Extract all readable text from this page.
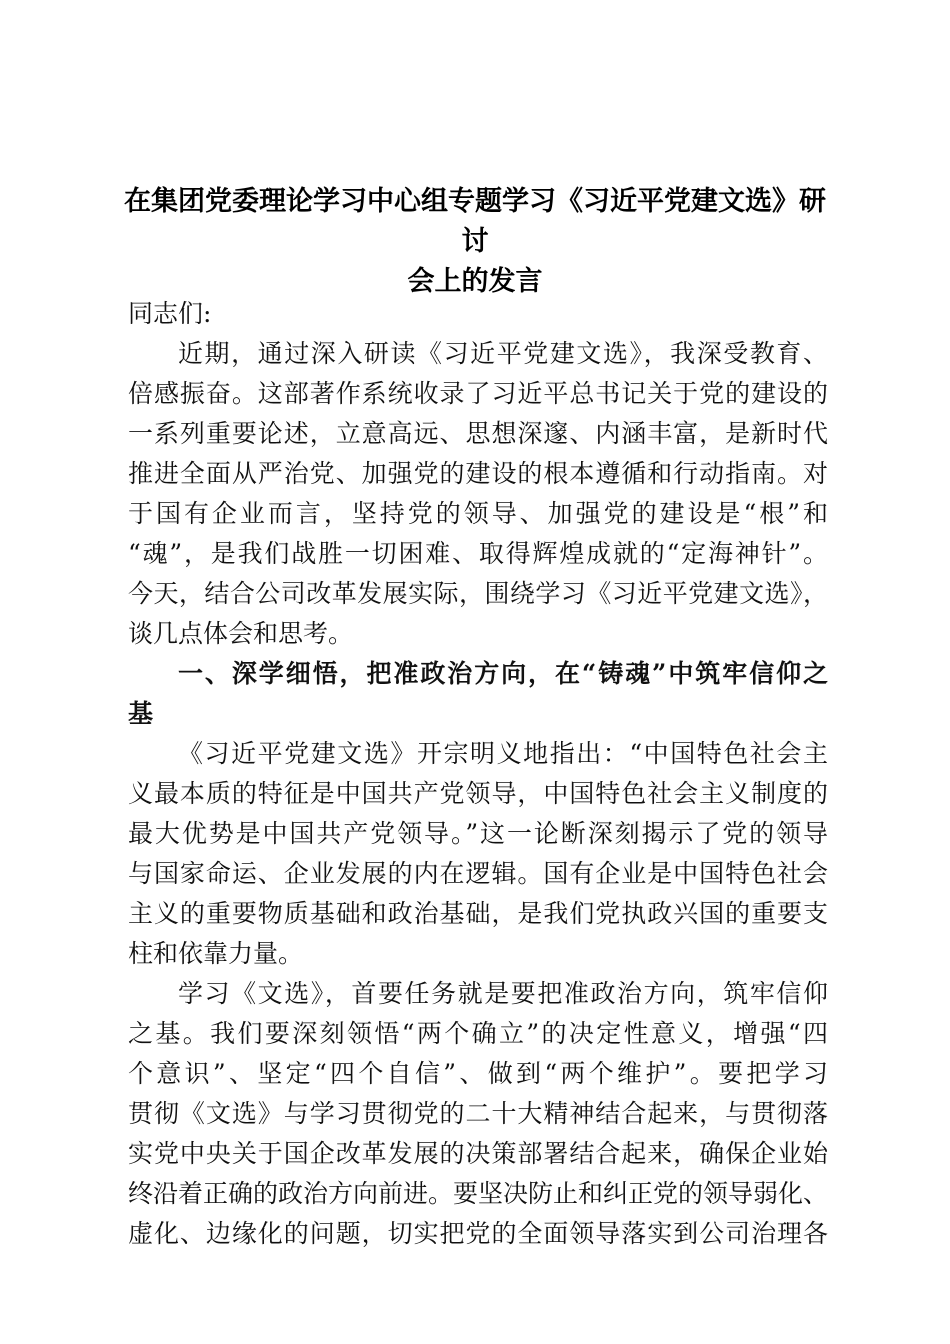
在集团党委理论学习中心组专题学习《习近平党建文选》研讨
会上的发言

同志们:

近期，通过深入研读《习近平党建文选》，我深受教育、

倍感振奋。这部著作系统收录了习近平总书记关于党的建设的

一系列重要论述，立意高远、思想深邃、内涵丰富，是新时代

推进全面从严治党、加强党的建设的根本遵循和行动指南。对

于国有企业而言，坚持党的领导、加强党的建设是“根”和

“魂”，是我们战胜一切困难、取得辉煌成就的“定海神针”。

今天，结合公司改革发展实际，围绕学习《习近平党建文选》，

谈几点体会和思考。

一、深学细悟，把准政治方向，在“铸魂”中筑牢信仰之

基

《习近平党建文选》开宗明义地指出：“中国特色社会主

义最本质的特征是中国共产党领导，中国特色社会主义制度的

最大优势是中国共产党领导。”这一论断深刻揭示了党的领导

与国家命运、企业发展的内在逻辑。国有企业是中国特色社会

主义的重要物质基础和政治基础，是我们党执政兴国的重要支

柱和依靠力量。

学习《文选》，首要任务就是要把准政治方向，筑牢信仰

之基。我们要深刻领悟“两个确立”的决定性意义，增强“四

个意识”、坚定“四个自信”、做到“两个维护”。要把学习

贯彻《文选》与学习贯彻党的二十大精神结合起来，与贯彻落

实党中央关于国企改革发展的决策部署结合起来，确保企业始

终沿着正确的政治方向前进。要坚决防止和纠正党的领导弱化、

虚化、边缘化的问题，切实把党的全面领导落实到公司治理各
